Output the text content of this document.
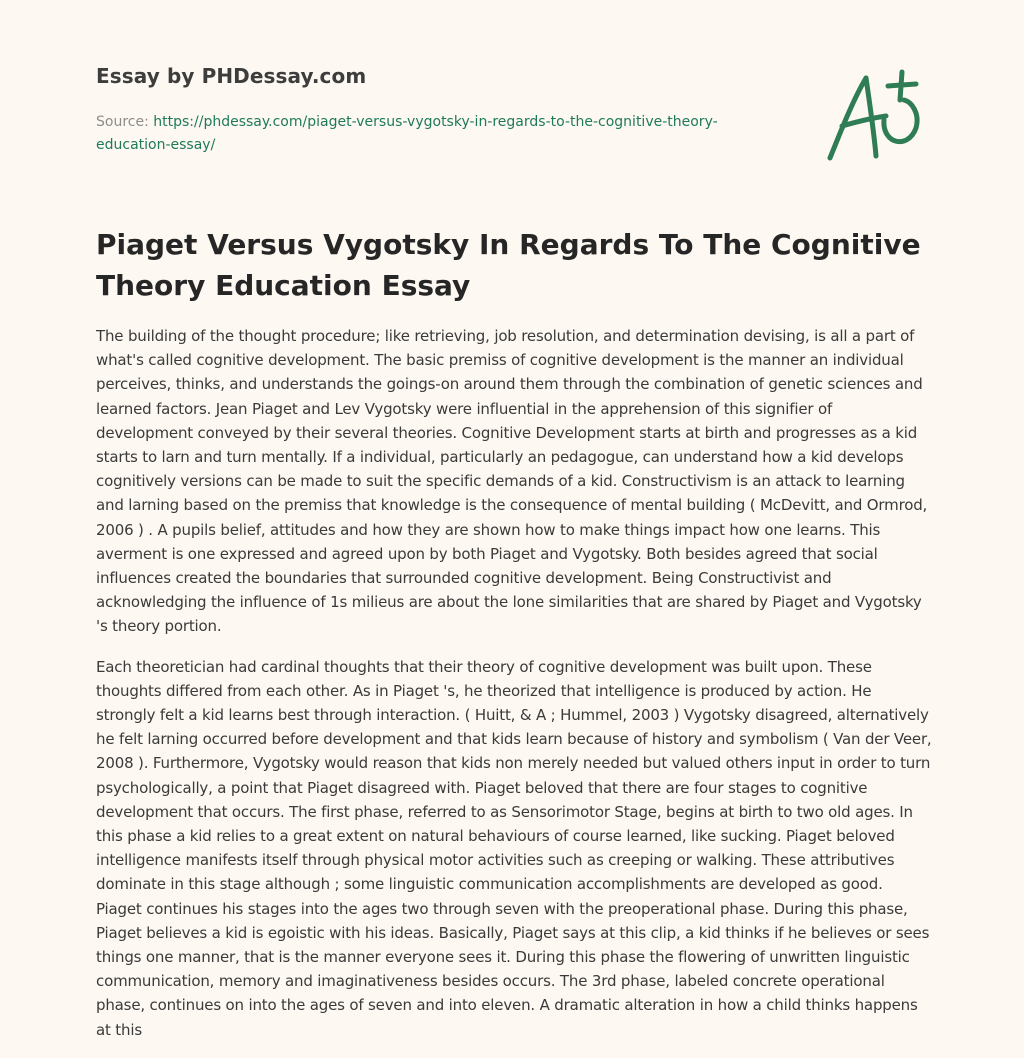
Essay by PHDessay.com

Source: https://phdessay.com/piaget-versus-vygotsky-in-regards-to-the-cognitive-theory-education-essay/

Piaget Versus Vygotsky In Regards To The Cognitive Theory Education Essay

The building of the thought procedure; like retrieving, job resolution, and determination devising, is all a part of what's called cognitive development. The basic premiss of cognitive development is the manner an individual perceives, thinks, and understands the goings-on around them through the combination of genetic sciences and learned factors. Jean Piaget and Lev Vygotsky were influential in the apprehension of this signifier of development conveyed by their several theories. Cognitive Development starts at birth and progresses as a kid starts to larn and turn mentally. If a individual, particularly an pedagogue, can understand how a kid develops cognitively versions can be made to suit the specific demands of a kid. Constructivism is an attack to learning and larning based on the premiss that knowledge is the consequence of mental building ( McDevitt, and Ormrod, 2006 ) . A pupils belief, attitudes and how they are shown how to make things impact how one learns. This averment is one expressed and agreed upon by both Piaget and Vygotsky. Both besides agreed that social influences created the boundaries that surrounded cognitive development. Being Constructivist and acknowledging the influence of 1s milieus are about the lone similarities that are shared by Piaget and Vygotsky 's theory portion.

Each theoretician had cardinal thoughts that their theory of cognitive development was built upon. These thoughts differed from each other. As in Piaget 's, he theorized that intelligence is produced by action. He strongly felt a kid learns best through interaction. ( Huitt, & A ; Hummel, 2003 ) Vygotsky disagreed, alternatively he felt larning occurred before development and that kids learn because of history and symbolism ( Van der Veer, 2008 ). Furthermore, Vygotsky would reason that kids non merely needed but valued others input in order to turn psychologically, a point that Piaget disagreed with. Piaget beloved that there are four stages to cognitive development that occurs. The first phase, referred to as Sensorimotor Stage, begins at birth to two old ages. In this phase a kid relies to a great extent on natural behaviours of course learned, like sucking. Piaget beloved intelligence manifests itself through physical motor activities such as creeping or walking. These attributives dominate in this stage although ; some linguistic communication accomplishments are developed as good. Piaget continues his stages into the ages two through seven with the preoperational phase. During this phase, Piaget believes a kid is egoistic with his ideas. Basically, Piaget says at this clip, a kid thinks if he believes or sees things one manner, that is the manner everyone sees it. During this phase the flowering of unwritten linguistic communication, memory and imaginativeness besides occurs. The 3rd phase, labeled concrete operational phase, continues on into the ages of seven and into eleven. A dramatic alteration in how a child thinks happens at this
